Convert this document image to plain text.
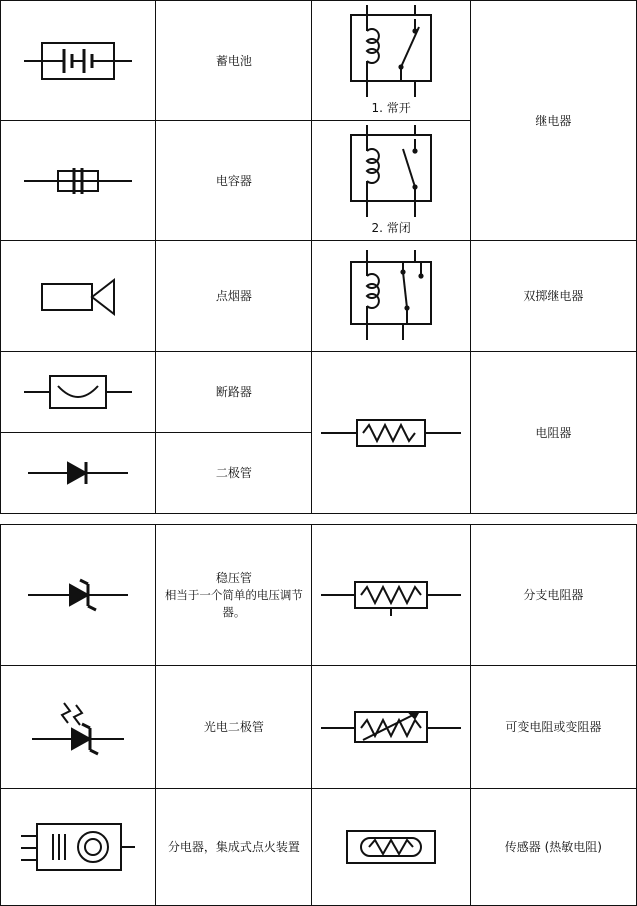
蓄电池	1. 常开	继电器

电容器	2. 常闭	

点烟器		双掷继电器

断路器		电阻器

二极管		

稳压管
相当于一个简单的电压调节器。		分支电阻器

光电二极管		可变电阻或变阻器

分电器，集成式点火装置		传感器 (热敏电阻)
